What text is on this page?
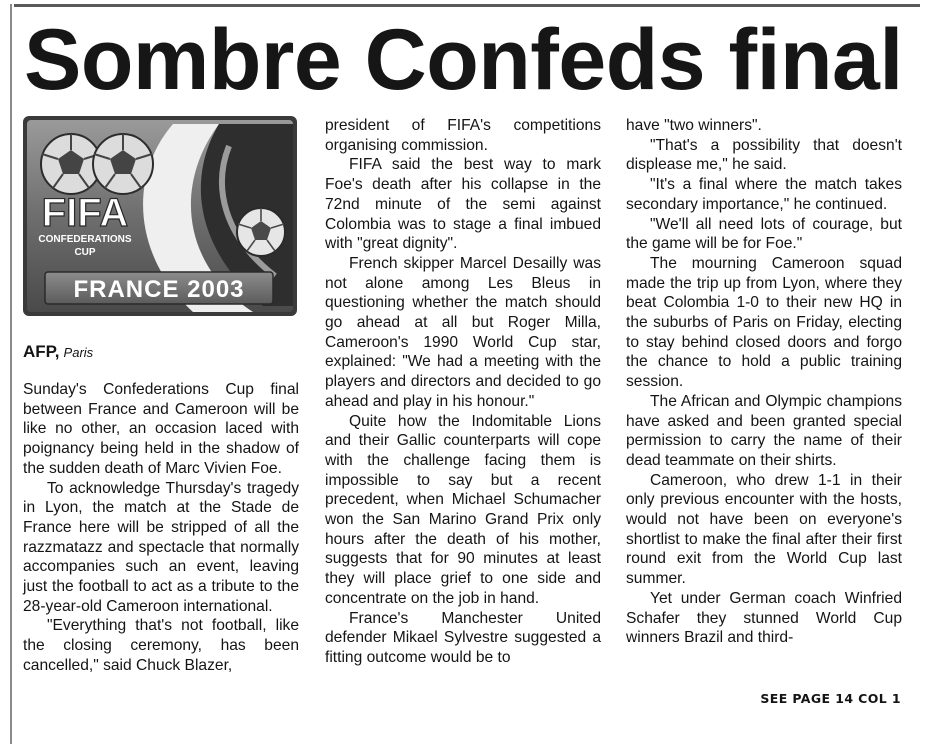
Sombre Confeds final
FIFA
CONFEDERATIONS
CUP
FRANCE 2003
AFP, Paris

Sunday's Confederations Cup final between France and Cameroon will be like no other, an occasion laced with poignancy being held in the shadow of the sudden death of Marc Vivien Foe.

To acknowledge Thursday's tragedy in Lyon, the match at the Stade de France here will be stripped of all the razzmatazz and spectacle that normally accompanies such an event, leaving just the football to act as a tribute to the 28-year-old Cameroon international.

"Everything that's not football, like the closing ceremony, has been cancelled," said Chuck Blazer,

president of FIFA's competitions organising commission.

FIFA said the best way to mark Foe's death after his collapse in the 72nd minute of the semi against Colombia was to stage a final imbued with "great dignity".

French skipper Marcel Desailly was not alone among Les Bleus in questioning whether the match should go ahead at all but Roger Milla, Cameroon's 1990 World Cup star, explained: "We had a meeting with the players and directors and decided to go ahead and play in his honour."

Quite how the Indomitable Lions and their Gallic counterparts will cope with the challenge facing them is impossible to say but a recent precedent, when Michael Schumacher won the San Marino Grand Prix only hours after the death of his mother, suggests that for 90 minutes at least they will place grief to one side and concentrate on the job in hand.

France's Manchester United defender Mikael Sylvestre suggested a fitting outcome would be to

have "two winners".

"That's a possibility that doesn't displease me," he said.

"It's a final where the match takes secondary importance," he continued.

"We'll all need lots of courage, but the game will be for Foe."

The mourning Cameroon squad made the trip up from Lyon, where they beat Colombia 1-0 to their new HQ in the suburbs of Paris on Friday, electing to stay behind closed doors and forgo the chance to hold a public training session.

The African and Olympic champions have asked and been granted special permission to carry the name of their dead teammate on their shirts.

Cameroon, who drew 1-1 in their only previous encounter with the hosts, would not have been on everyone's shortlist to make the final after their first round exit from the World Cup last summer.

Yet under German coach Winfried Schafer they stunned World Cup winners Brazil and third-

SEE PAGE 14 COL 1
